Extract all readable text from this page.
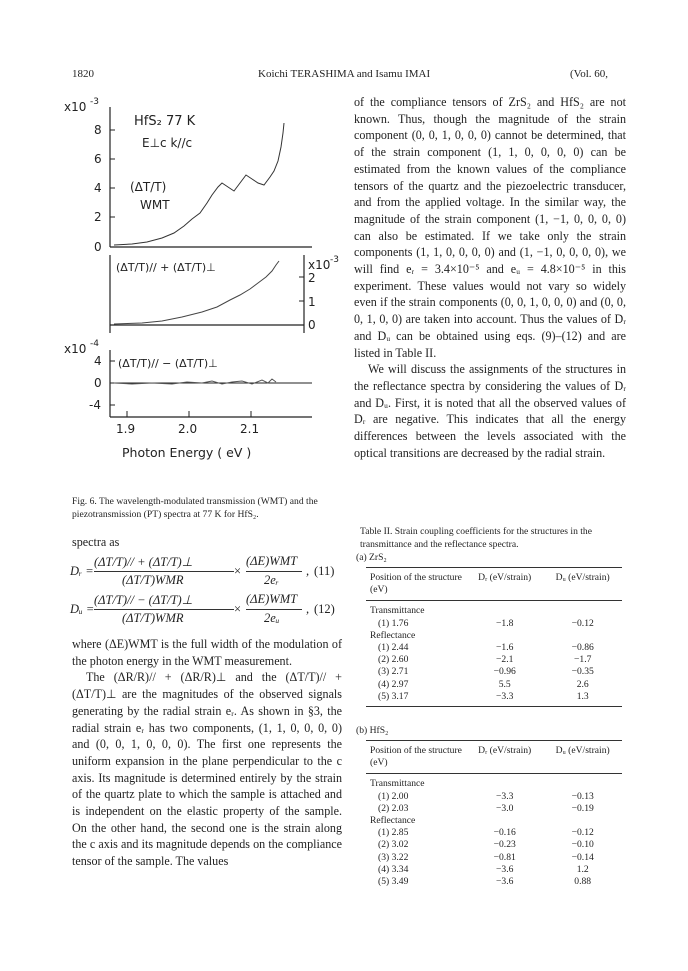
1820	Koichi TERASHIMA and Isamu IMAI	(Vol. 60,
x10 -3
HfS₂ 77 K
E⊥c k//c
(ΔT/T)
WMT
8
6
4
2
0
(ΔT/T)// + (ΔT/T)⊥	x10 -3
2
1
0
x10 -4
(ΔT/T)// − (ΔT/T)⊥
4
0
-4
1.9	2.0	2.1
Photon Energy ( eV )
Fig. 6. The wavelength-modulated transmission (WMT) and the piezotransmission (PT) spectra at 77 K for HfS₂.

of the compliance tensors of ZrS₂ and HfS₂ are not known. Thus, though the magnitude of the strain component (0, 0, 1, 0, 0, 0) cannot be determined, that of the strain component (1, 1, 0, 0, 0, 0) can be estimated from the known values of the compliance tensors of the quartz and the piezoelectric transducer, and from the applied voltage. In the similar way, the magnitude of the strain component (1, −1, 0, 0, 0, 0) can also be estimated. If we take only the strain components (1, 1, 0, 0, 0, 0) and (1, −1, 0, 0, 0, 0), we will find eᵣ = 3.4×10⁻⁵ and eᵤ = 4.8×10⁻⁵ in this experiment. These values would not vary so widely even if the strain components (0, 0, 1, 0, 0, 0) and (0, 0, 0, 1, 0, 0) are taken into account. Thus the values of Dᵣ and Dᵤ can be obtained using eqs. (9)–(12) and are listed in Table II.

We will discuss the assignments of the structures in the reflectance spectra by considering the values of Dᵣ and Dᵤ. First, it is noted that all the observed values of Dᵣ are negative. This indicates that all the energy differences between the levels associated with the optical transitions are decreased by the radial strain.

spectra as
Dᵣ =
(ΔT/T)// + (ΔT/T)⊥
(ΔT/T)WMR
×
(ΔE)WMT
2eᵣ
, (11)
Dᵤ =
(ΔT/T)// − (ΔT/T)⊥
(ΔT/T)WMR
×
(ΔE)WMT
2eᵤ
, (12)

where (ΔE)WMT is the full width of the modulation of the photon energy in the WMT measurement.

The (ΔR/R)// + (ΔR/R)⊥ and the (ΔT/T)// + (ΔT/T)⊥ are the magnitudes of the observed signals generating by the radial strain eᵣ. As shown in §3, the radial strain eᵣ has two components, (1, 1, 0, 0, 0, 0) and (0, 0, 1, 0, 0, 0). The first one represents the uniform expansion in the plane perpendicular to the c axis. Its magnitude is determined entirely by the strain of the quartz plate to which the sample is attached and is independent on the elastic property of the sample. On the other hand, the second one is the strain along the c axis and its magnitude depends on the compliance tensor of the sample. The values

Table II. Strain coupling coefficients for the structures in the transmittance and the reflectance spectra.
(a) ZrS₂

Position of the structure (eV)	Dᵣ (eV/strain)	Dᵤ (eV/strain)

Transmittance		
(1) 1.76	−1.8	−0.12
Reflectance		
(1) 2.44	−1.6	−0.86
(2) 2.60	−2.1	−1.7
(3) 2.71	−0.96	−0.35
(4) 2.97	5.5	2.6
(5) 3.17	−3.3	1.3

(b) HfS₂

Position of the structure (eV)	Dᵣ (eV/strain)	Dᵤ (eV/strain)

Transmittance		
(1) 2.00	−3.3	−0.13
(2) 2.03	−3.0	−0.19
Reflectance		
(1) 2.85	−0.16	−0.12
(2) 3.02	−0.23	−0.10
(3) 3.22	−0.81	−0.14
(4) 3.34	−3.6	1.2
(5) 3.49	−3.6	0.88
